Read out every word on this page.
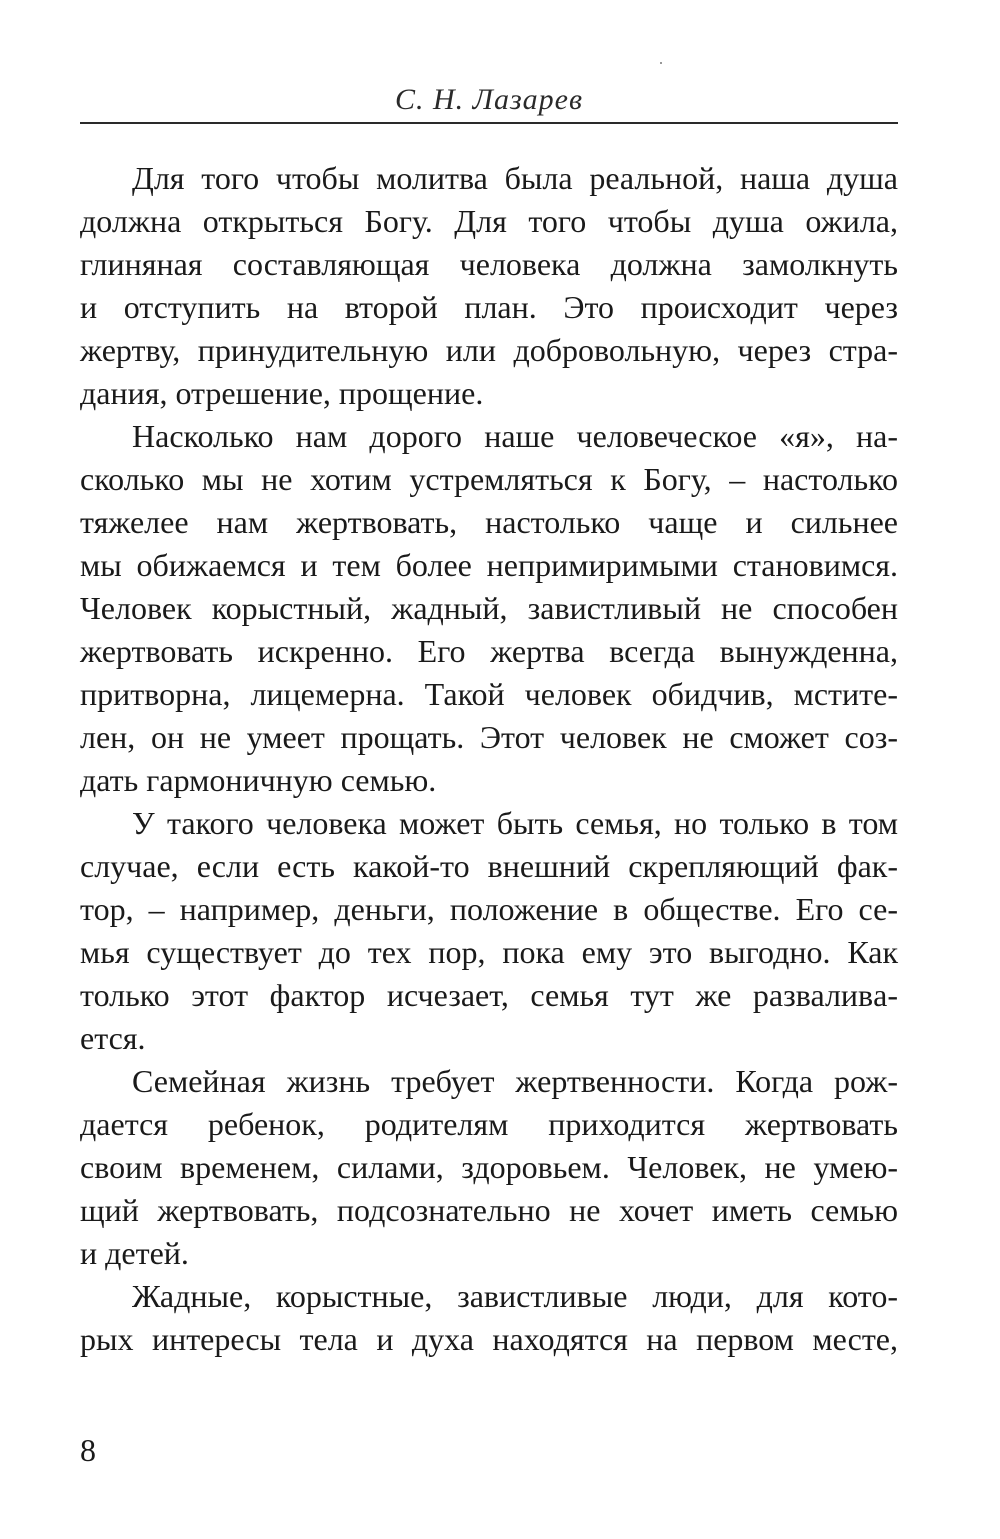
С. Н. Лазарев
Для того чтобы молитва была реальной, наша душа
должна открыться Богу. Для того чтобы душа ожила,
глиняная составляющая человека должна замолкнуть
и отступить на второй план. Это происходит через
жертву, принудительную или добровольную, через стра-
дания, отрешение, прощение.
Насколько нам дорого наше человеческое «я», на-
сколько мы не хотим устремляться к Богу, – настолько
тяжелее нам жертвовать, настолько чаще и сильнее
мы обижаемся и тем более непримиримыми становимся.
Человек корыстный, жадный, завистливый не способен
жертвовать искренно. Его жертва всегда вынужденна,
притворна, лицемерна. Такой человек обидчив, мстите-
лен, он не умеет прощать. Этот человек не сможет соз-
дать гармоничную семью.
У такого человека может быть семья, но только в том
случае, если есть какой-то внешний скрепляющий фак-
тор, – например, деньги, положение в обществе. Его се-
мья существует до тех пор, пока ему это выгодно. Как
только этот фактор исчезает, семья тут же разваливa-
ется.
Семейная жизнь требует жертвенности. Когда рож-
дается ребенок, родителям приходится жертвовать
своим временем, силами, здоровьем. Человек, не умею-
щий жертвовать, подсознательно не хочет иметь семью
и детей.
Жадные, корыстные, завистливые люди, для кото-
рых интересы тела и духа находятся на первом месте,
8
